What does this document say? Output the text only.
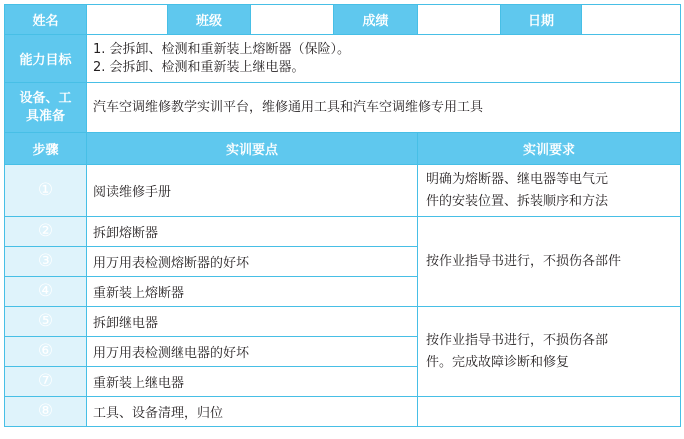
姓名		班级		成绩		日期	
能力目标	1. 会拆卸、检测和重新装上熔断器（保险）。
2. 会拆卸、检测和重新装上继电器。						

设备、工
具准备	汽车空调维修教学实训平台，维修通用工具和汽车空调维修专用工具						
步骤	实训要点				实训要求		
①	阅读维修手册				明确为熔断器、继电器等电气元
件的安装位置、拆装顺序和方法		

②	拆卸熔断器				按作业指导书进行，不损伤各部件		
③	用万用表检测熔断器的好坏						
④	重新装上熔断器						
⑤	拆卸继电器				按作业指导书进行，不损伤各部
件。完成故障诊断和修复		

⑥	用万用表检测继电器的好坏						
⑦	重新装上继电器						
⑧	工具、设备清理，归位						
